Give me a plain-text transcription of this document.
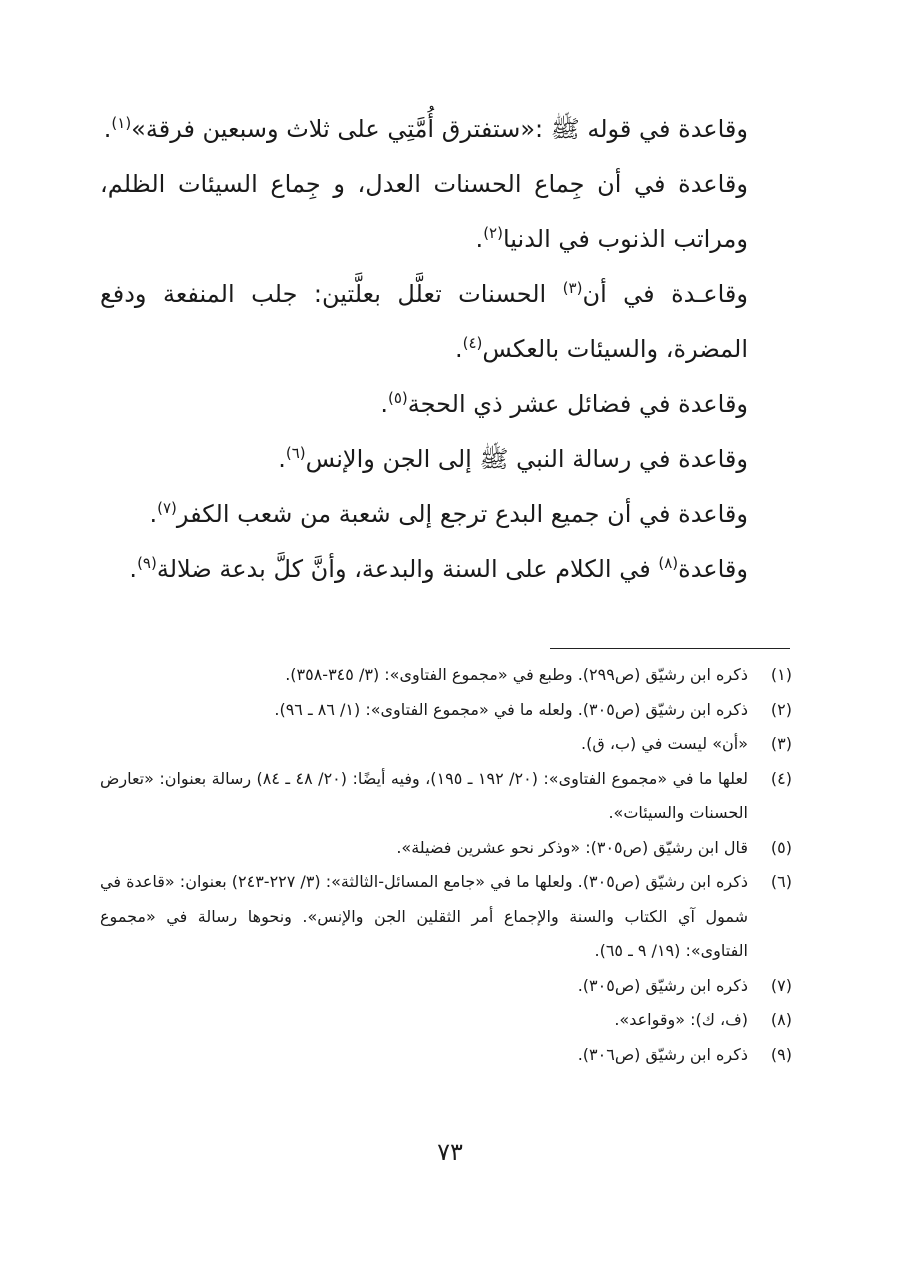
وقاعدة في قوله ﷺ :«ستفترق أُمَّتِي على ثلاث وسبعين فرقة»$^{(١)}$.

وقاعدة في أن جِماع الحسنات العدل، و جِماع السيئات الظلم، ومراتب الذنوب في الدنيا$^{(٢)}$.

وقاعـدة في أن$^{(٣)}$ الحسنات تعلَّل بعلَّتين: جلب المنفعة ودفع المضرة، والسيئات بالعكس$^{(٤)}$.

وقاعدة في فضائل عشر ذي الحجة$^{(٥)}$.

وقاعدة في رسالة النبي ﷺ إلى الجن والإنس$^{(٦)}$.

وقاعدة في أن جميع البدع ترجع إلى شعبة من شعب الكفر$^{(٧)}$.

وقاعدة$^{(٨)}$ في الكلام على السنة والبدعة، وأنَّ كلَّ بدعة ضلالة$^{(٩)}$.

(١)
ذكره ابن رشيّق (ص٢٩٩). وطبع في «مجموع الفتاوى»: (٣/ ٣٤٥-٣٥٨).

(٢)
ذكره ابن رشيّق (ص٣٠٥). ولعله ما في «مجموع الفتاوى»: (١/ ٨٦ ـ ٩٦).

(٣)
«أن» ليست في (ب، ق).

(٤)
لعلها ما في «مجموع الفتاوى»: (٢٠/ ١٩٢ ـ ١٩٥)، وفيه أيضًا: (٢٠/ ٤٨ ـ ٨٤) رسالة بعنوان: «تعارض الحسنات والسيئات».

(٥)
قال ابن رشيّق (ص٣٠٥): «وذكر نحو عشرين فضيلة».

(٦)
ذكره ابن رشيّق (ص٣٠٥). ولعلها ما في «جامع المسائل-الثالثة»: (٣/ ٢٢٧-٢٤٣) بعنوان: «قاعدة في شمول آي الكتاب والسنة والإجماع أمر الثقلين الجن والإنس». ونحوها رسالة في «مجموع الفتاوى»: (١٩/ ٩ ـ ٦٥).

(٧)
ذكره ابن رشيّق (ص٣٠٥).

(٨)
(ف، ك): «وقواعد».

(٩)
ذكره ابن رشيّق (ص٣٠٦).

٧٣
